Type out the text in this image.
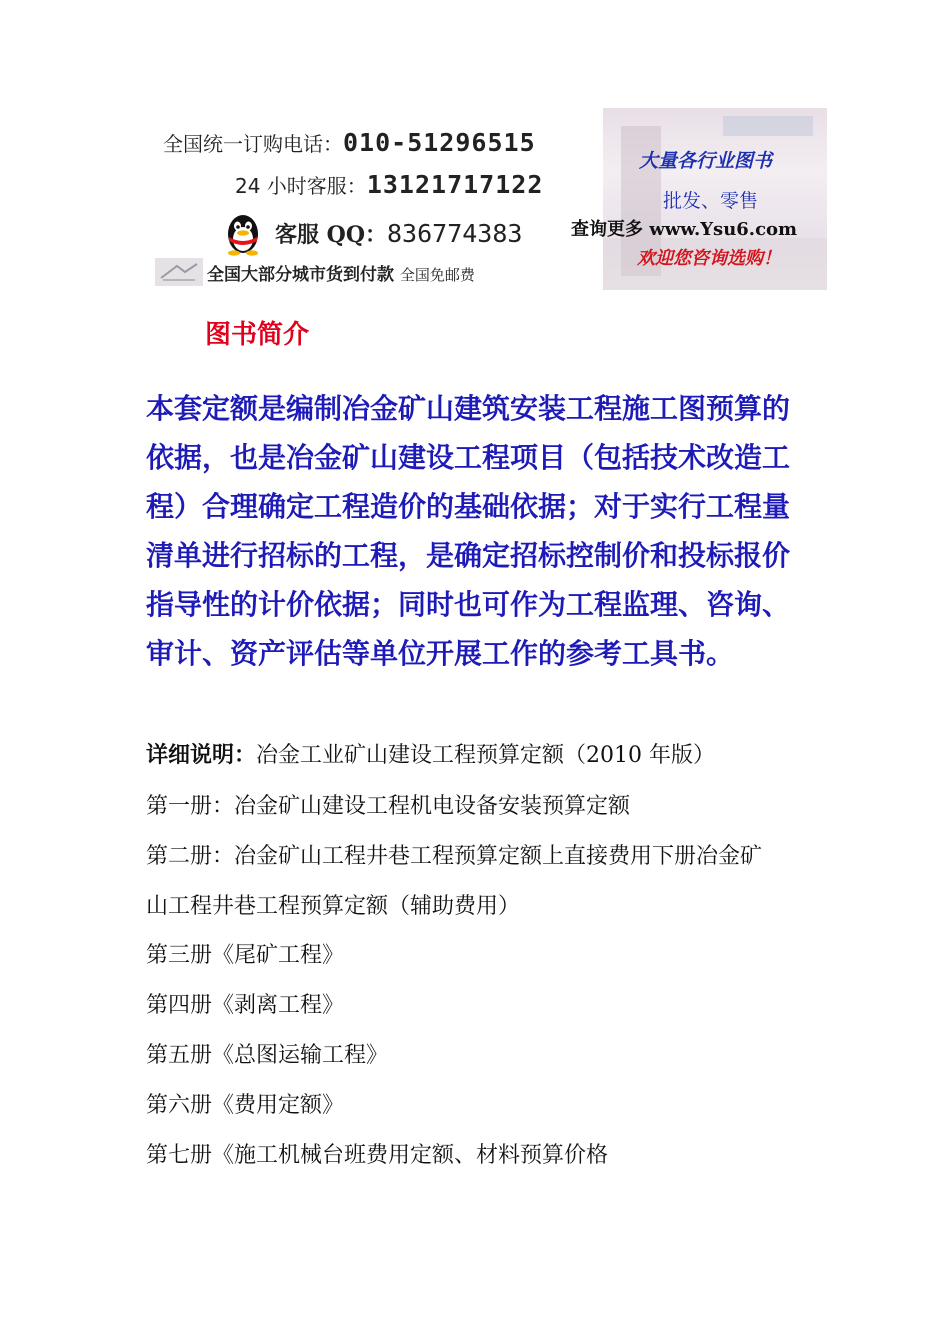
全国统一订购电话：010-51296515
24 小时客服：13121717122
客服 QQ：836774383
全国大部分城市货到付款 全国免邮费
大量各行业图书
批发、零售
查询更多 www.Ysu6.com
欢迎您咨询选购！
图书简介
本套定额是编制冶金矿山建筑安装工程施工图预算的
依据，也是冶金矿山建设工程项目（包括技术改造工
程）合理确定工程造价的基础依据；对于实行工程量
清单进行招标的工程，是确定招标控制价和投标报价
指导性的计价依据；同时也可作为工程监理、咨询、
审计、资产评估等单位开展工作的参考工具书。
详细说明：冶金工业矿山建设工程预算定额（2010 年版）
第一册：冶金矿山建设工程机电设备安装预算定额
第二册：冶金矿山工程井巷工程预算定额上直接费用下册冶金矿
山工程井巷工程预算定额（辅助费用）
第三册《尾矿工程》
第四册《剥离工程》
第五册《总图运输工程》
第六册《费用定额》
第七册《施工机械台班费用定额、材料预算价格
